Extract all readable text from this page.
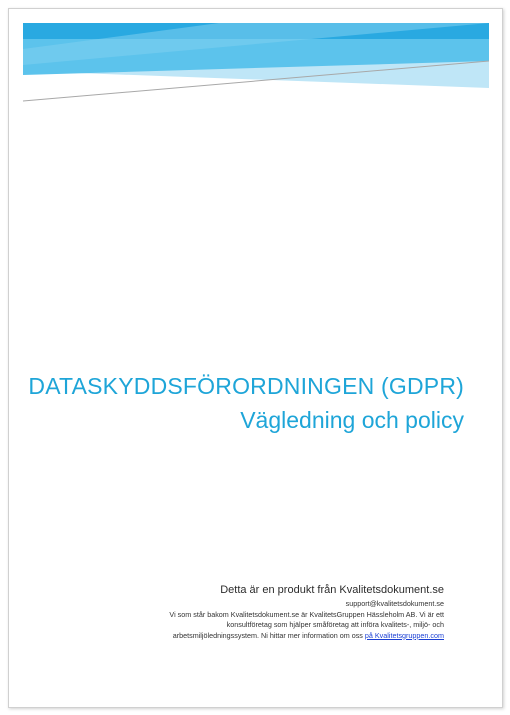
DATASKYDDSFÖRORDNINGEN (GDPR)
Vägledning och policy
Detta är en produkt från Kvalitetsdokument.se
support@kvalitetsdokument.se
Vi som står bakom Kvalitetsdokument.se är KvalitetsGruppen Hässleholm AB. Vi är ett
konsultföretag som hjälper småföretag att införa kvalitets-, miljö- och
arbetsmiljöledningssystem. Ni hittar mer information om oss på Kvalitetsgruppen.com
